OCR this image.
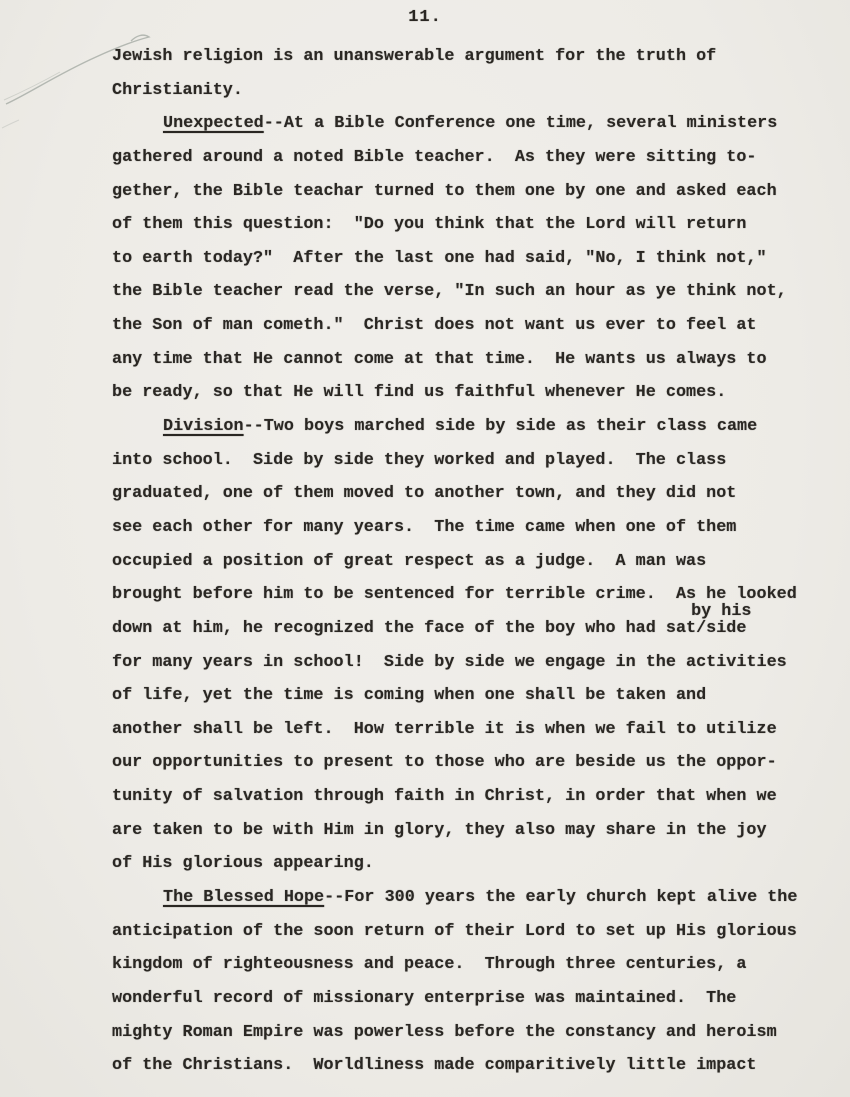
11.
Jewish religion is an unanswerable argument for the truth of
Christianity.
Unexpected--At a Bible Conference one time, several ministers
gathered around a noted Bible teacher.  As they were sitting to-
gether, the Bible teachar turned to them one by one and asked each
of them this question:  "Do you think that the Lord will return
to earth today?"  After the last one had said, "No, I think not,"
the Bible teacher read the verse, "In such an hour as ye think not,
the Son of man cometh."  Christ does not want us ever to feel at
any time that He cannot come at that time.  He wants us always to
be ready, so that He will find us faithful whenever He comes.
Division--Two boys marched side by side as their class came
into school.  Side by side they worked and played.  The class
graduated, one of them moved to another town, and they did not
see each other for many years.  The time came when one of them
occupied a position of great respect as a judge.  A man was
brought before him to be sentenced for terrible crime.  As he looked
down at him, he recognized the face of the boy who had sat/
by his
side
for many years in school!  Side by side we engage in the activities
of life, yet the time is coming when one shall be taken and
another shall be left.  How terrible it is when we fail to utilize
our opportunities to present to those who are beside us the oppor-
tunity of salvation through faith in Christ, in order that when we
are taken to be with Him in glory, they also may share in the joy
of His glorious appearing.
The Blessed Hope--For 300 years the early church kept alive the
anticipation of the soon return of their Lord to set up His glorious
kingdom of righteousness and peace.  Through three centuries, a
wonderful record of missionary enterprise was maintained.  The
mighty Roman Empire was powerless before the constancy and heroism
of the Christians.  Worldliness made comparitively little impact
